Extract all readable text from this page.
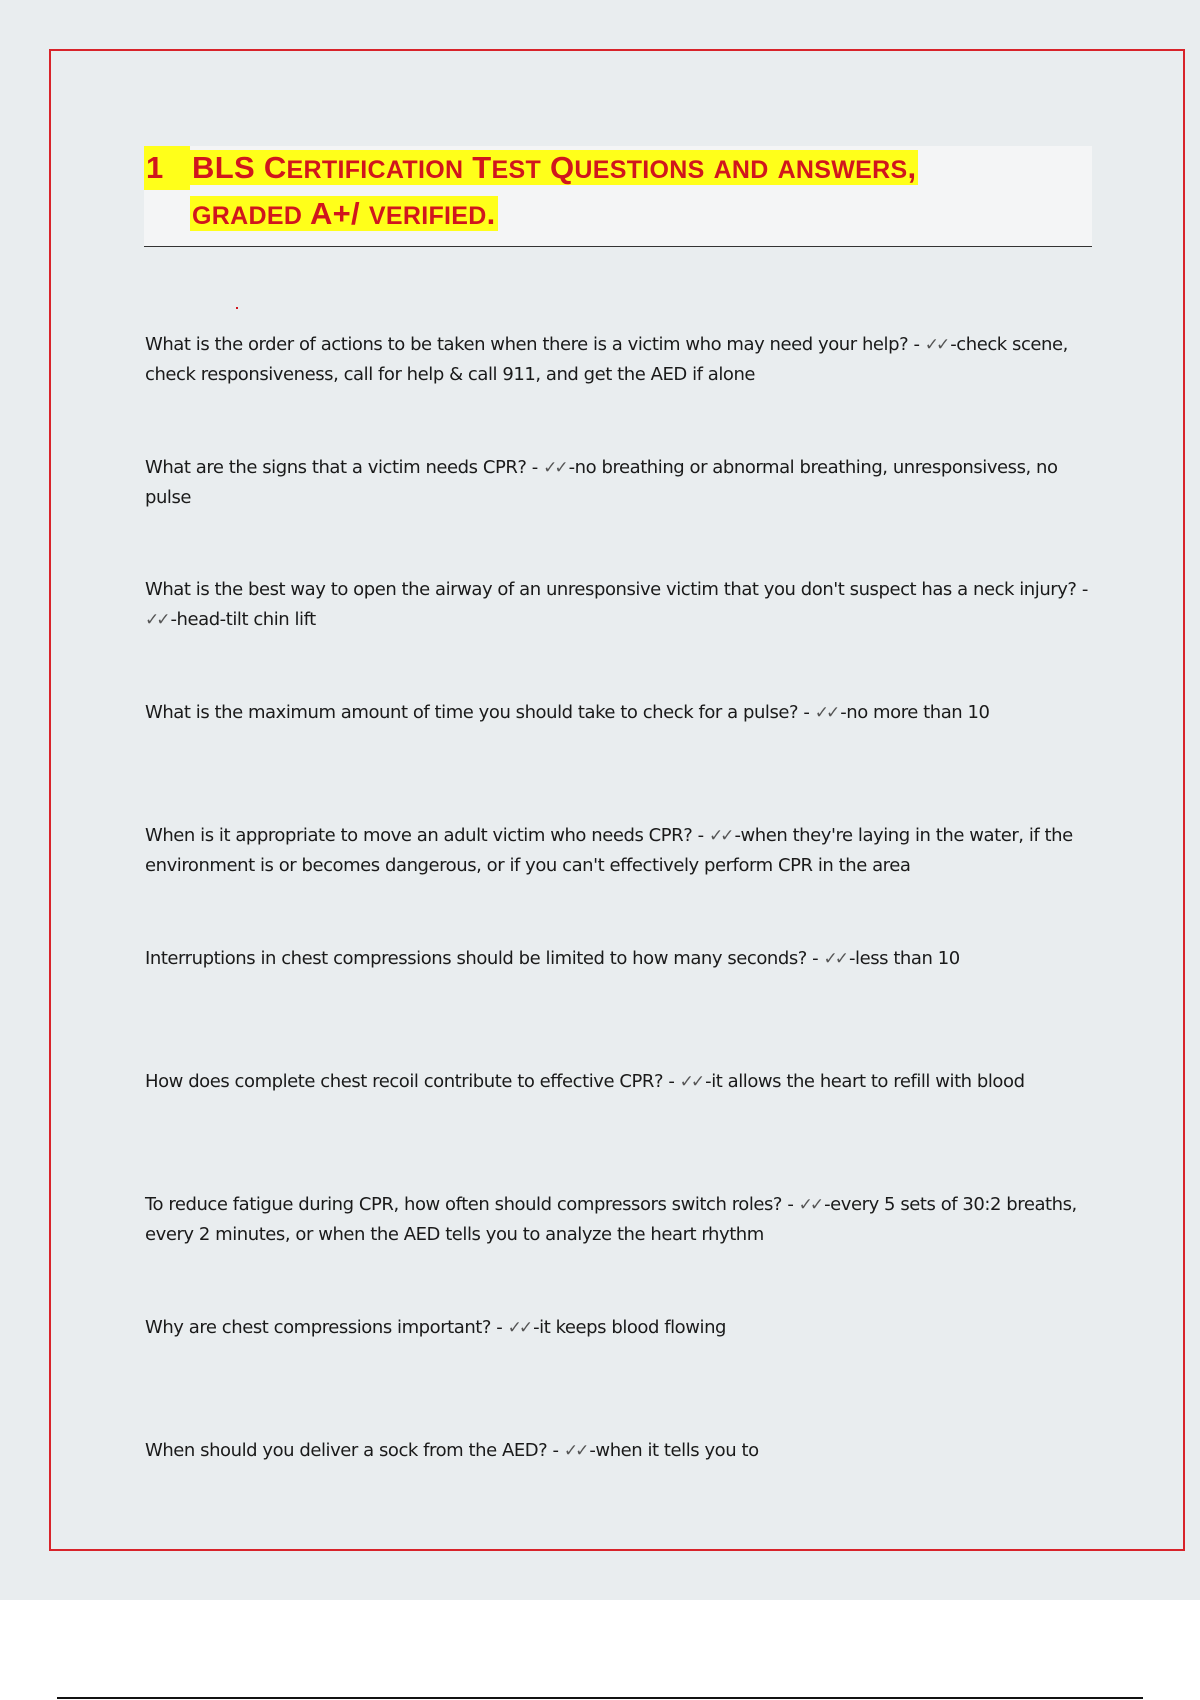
1 BLS CERTIFICATION TEST QUESTIONS AND ANSWERS,
GRADED A+/ VERIFIED.
What is the order of actions to be taken when there is a victim who may need your help? - ✓✓ -check scene, check responsiveness, call for help & call 911, and get the AED if alone
What are the signs that a victim needs CPR? - ✓✓ -no breathing or abnormal breathing, unresponsivess, no pulse
What is the best way to open the airway of an unresponsive victim that you don't suspect has a neck injury? - ✓✓ -head-tilt chin lift
What is the maximum amount of time you should take to check for a pulse? - ✓✓ -no more than 10
When is it appropriate to move an adult victim who needs CPR? - ✓✓ -when they're laying in the water, if the environment is or becomes dangerous, or if you can't effectively perform CPR in the area
Interruptions in chest compressions should be limited to how many seconds? - ✓✓ -less than 10
How does complete chest recoil contribute to effective CPR? - ✓✓ -it allows the heart to refill with blood
To reduce fatigue during CPR, how often should compressors switch roles? - ✓✓ -every 5 sets of 30:2 breaths, every 2 minutes, or when the AED tells you to analyze the heart rhythm
Why are chest compressions important? - ✓✓ -it keeps blood flowing
When should you deliver a sock from the AED? - ✓✓ -when it tells you to
